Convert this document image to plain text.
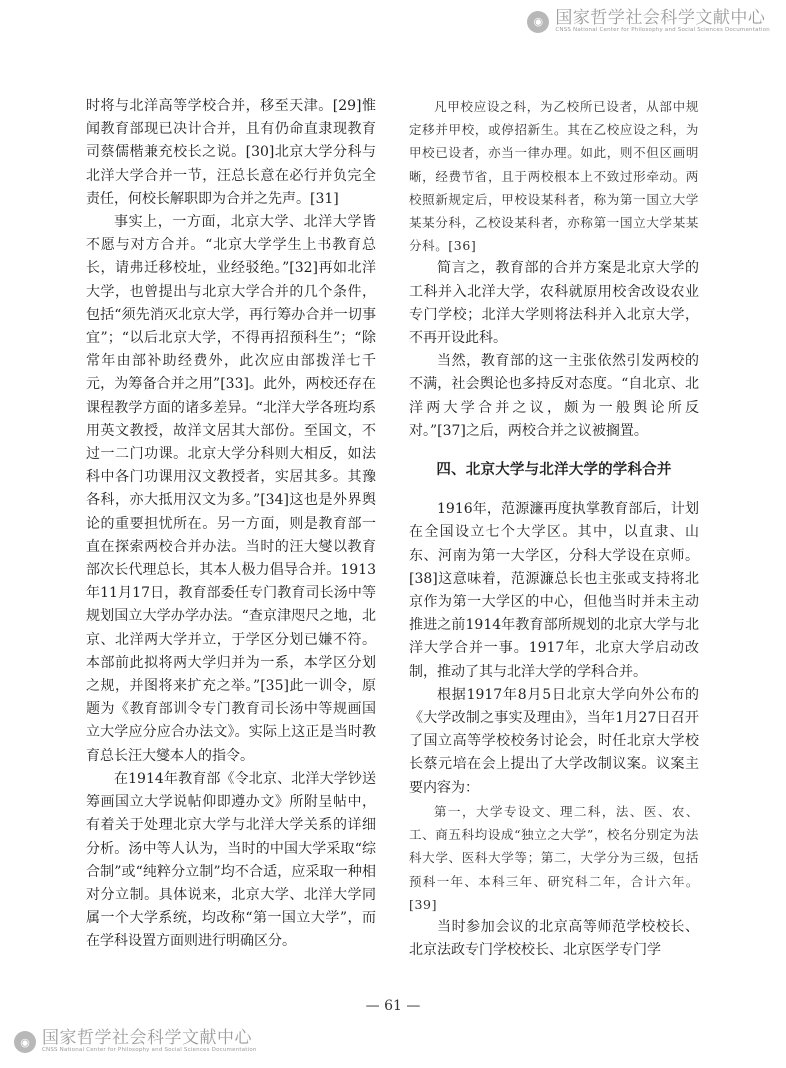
◉ 国家哲学社会科学文献中心
CNSS National Center for Philosophy and Social Sciences Documentation

时将与北洋高等学校合并，移至天津。[29]惟闻教育部现已决计合并，且有仍命直隶现教育司蔡儒楷兼充校长之说。[30]北京大学分科与北洋大学合并一节，汪总长意在必行并负完全责任，何校长解职即为合并之先声。[31]

事实上，一方面，北京大学、北洋大学皆不愿与对方合并。“北京大学学生上书教育总长，请弗迁移校址，业经驳绝。”[32]再如北洋大学，也曾提出与北京大学合并的几个条件，包括“须先消灭北京大学，再行筹办合并一切事宜”；“以后北京大学，不得再招预科生”；“除常年由部补助经费外，此次应由部拨洋七千元，为筹备合并之用”[33]。此外，两校还存在课程教学方面的诸多差异。“北洋大学各班均系用英文教授，故洋文居其大部份。至国文，不过一二门功课。北京大学分科则大相反，如法科中各门功课用汉文教授者，实居其多。其豫各科，亦大抵用汉文为多。”[34]这也是外界舆论的重要担忧所在。另一方面，则是教育部一直在探索两校合并办法。当时的汪大燮以教育部次长代理总长，其本人极力倡导合并。1913年11月17日，教育部委任专门教育司长汤中等规划国立大学办学办法。“查京津咫尺之地，北京、北洋两大学并立，于学区分划已嫌不符。本部前此拟将两大学归并为一系，本学区分划之规，并图将来扩充之举。”[35]此一训令，原题为《教育部训令专门教育司长汤中等规画国立大学应分应合办法文》。实际上这正是当时教育总长汪大燮本人的指令。

在1914年教育部《令北京、北洋大学钞送筹画国立大学说帖仰即遵办文》所附呈帖中，有着关于处理北京大学与北洋大学关系的详细分析。汤中等人认为，当时的中国大学采取“综合制”或“纯粹分立制”均不合适，应采取一种相对分立制。具体说来，北京大学、北洋大学同属一个大学系统，均改称“第一国立大学”，而在学科设置方面则进行明确区分。

凡甲校应设之科，为乙校所已设者，从部中规定移并甲校，或停招新生。其在乙校应设之科，为甲校已设者，亦当一律办理。如此，则不但区画明晰，经费节省，且于两校根本上不致过形牵动。两校照新规定后，甲校设某科者，称为第一国立大学某某分科，乙校设某科者，亦称第一国立大学某某分科。[36]

简言之，教育部的合并方案是北京大学的工科并入北洋大学，农科就原用校舍改设农业专门学校；北洋大学则将法科并入北京大学，不再开设此科。

当然，教育部的这一主张依然引发两校的不满，社会舆论也多持反对态度。“自北京、北洋两大学合并之议，颇为一般舆论所反对。”[37]之后，两校合并之议被搁置。

四、北京大学与北洋大学的学科合并

1916年，范源濂再度执掌教育部后，计划在全国设立七个大学区。其中，以直隶、山东、河南为第一大学区，分科大学设在京师。[38]这意味着，范源濂总长也主张或支持将北京作为第一大学区的中心，但他当时并未主动推进之前1914年教育部所规划的北京大学与北洋大学合并一事。1917年，北京大学启动改制，推动了其与北洋大学的学科合并。

根据1917年8月5日北京大学向外公布的《大学改制之事实及理由》，当年1月27日召开了国立高等学校校务讨论会，时任北京大学校长蔡元培在会上提出了大学改制议案。议案主要内容为：

第一，大学专设文、理二科，法、医、农、工、商五科均设成“独立之大学”，校名分别定为法科大学、医科大学等；第二，大学分为三级，包括预科一年、本科三年、研究科二年，合计六年。[39]

当时参加会议的北京高等师范学校校长、北京法政专门学校校长、北京医学专门学

— 61 —
◉ 国家哲学社会科学文献中心
CNSS National Center for Philosophy and Social Sciences Documentation
